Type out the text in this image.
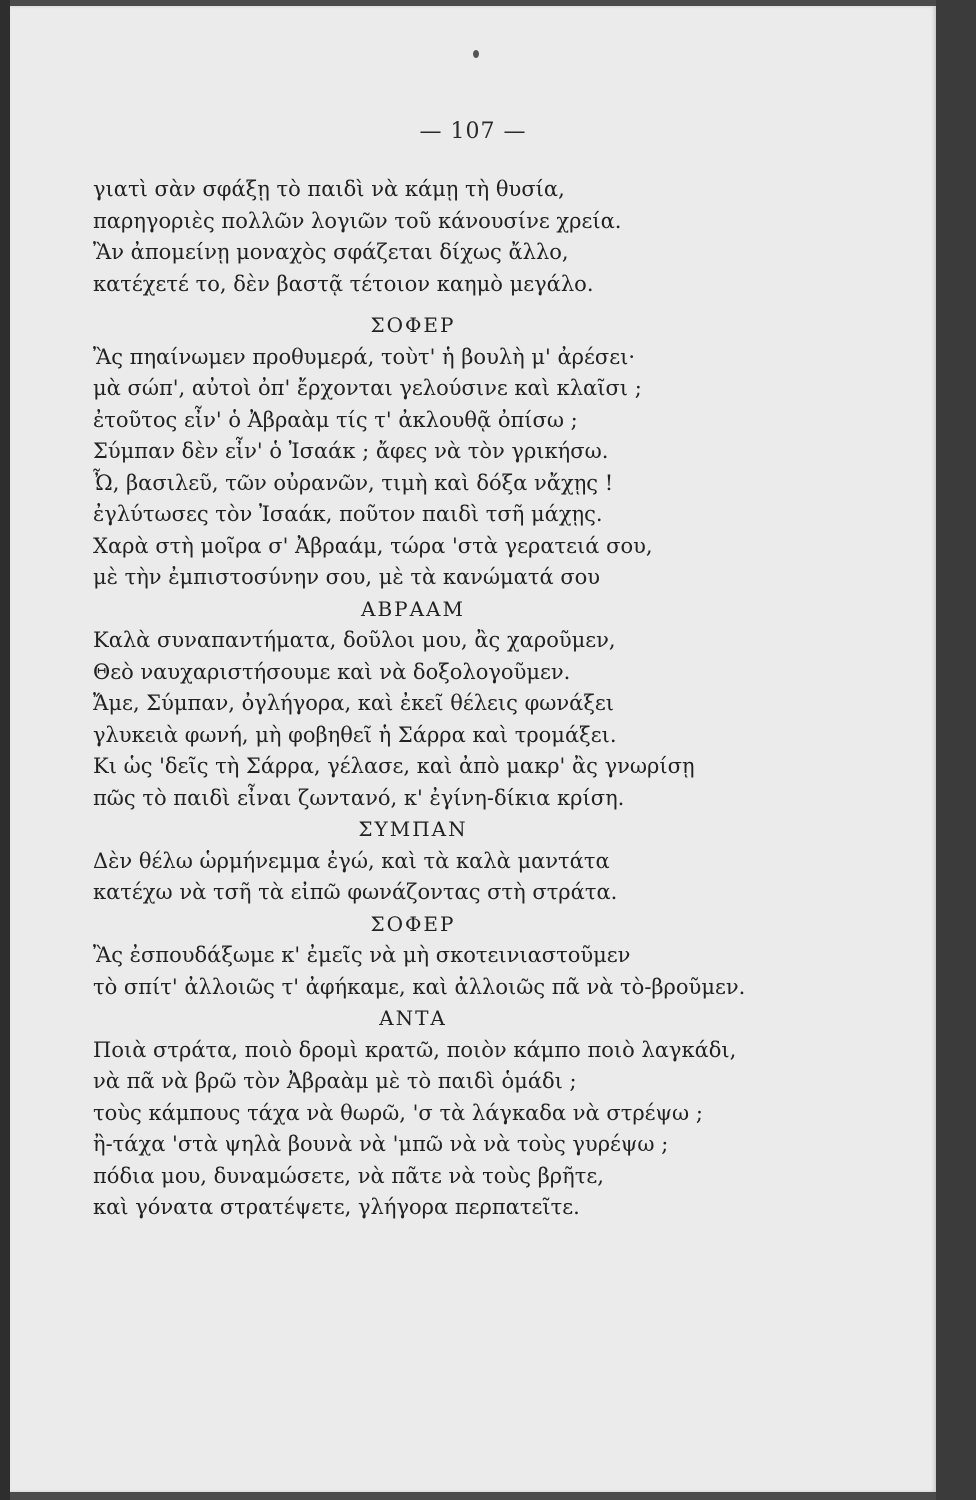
— 107 —
γιατὶ σὰν σφάξῃ τὸ παιδὶ νὰ κάμῃ τὴ θυσία,
παρηγοριὲς πολλῶν λογιῶν τοῦ κάνουσίνε χρεία.
Ἂν ἀπομείνῃ μοναχὸς σφάζεται δίχως ἄλλο,
κατέχετέ το, δὲν βαστᾷ τέτοιον καημὸ μεγάλο.
ΣΟΦΕΡ
Ἂς πηαίνωμεν προθυμερά, τοὺτ' ἡ βουλὴ μ' ἀρέσει·
μὰ σώπ', αὐτοὶ ὀπ' ἔρχονται γελούσινε καὶ κλαῖσι ;
ἐτοῦτος εἶν' ὁ Ἀβραὰμ τίς τ' ἀκλουθᾷ ὀπίσω ;
Σύμπαν δὲν εἶν' ὁ Ἰσαάκ ; ἄφες νὰ τὸν γρικήσω.
Ὦ, βασιλεῦ, τῶν οὐρανῶν, τιμὴ καὶ δόξα νἄχῃς !
ἐγλύτωσες τὸν Ἰσαάκ, ποῦτον παιδὶ τσῆ μάχῃς.
Χαρὰ στὴ μοῖρα σ' Ἀβραάμ, τώρα 'στὰ γερατειά σου,
μὲ τὴν ἐμπιστοσύνην σου, μὲ τὰ κανώματά σου
ΑΒΡΑΑΜ
Καλὰ συναπαντήματα, δοῦλοι μου, ἂς χαροῦμεν,
Θεὸ ναυχαριστήσουμε καὶ νὰ δοξολογοῦμεν.
Ἄμε, Σύμπαν, ὀγλήγορα, καὶ ἐκεῖ θέλεις φωνάξει
γλυκειὰ φωνή, μὴ φοβηθεῖ ἡ Σάρρα καὶ τρομάξει.
Κι ὡς 'δεῖς τὴ Σάρρα, γέλασε, καὶ ἀπὸ μακρ' ἂς γνωρίσῃ
πῶς τὸ παιδὶ εἶναι ζωντανό, κ' ἐγίνη-δίκια κρίση.
ΣΥΜΠΑΝ
Δὲν θέλω ὡρμήνεμμα ἐγώ, καὶ τὰ καλὰ μαντάτα
κατέχω νὰ τσῆ τὰ εἰπῶ φωνάζοντας στὴ στράτα.
ΣΟΦΕΡ
Ἂς ἐσπουδάξωμε κ' ἐμεῖς νὰ μὴ σκοτεινιαστοῦμεν
τὸ σπίτ' ἀλλοιῶς τ' ἀφήκαμε, καὶ ἀλλοιῶς πᾶ νὰ τὸ-βροῦμεν.
ΑΝΤΑ
Ποιὰ στράτα, ποιὸ δρομὶ κρατῶ, ποιὸν κάμπο ποιὸ λαγκάδι,
νὰ πᾶ νὰ βρῶ τὸν Ἀβραὰμ μὲ τὸ παιδὶ ὁμάδι ;
τοὺς κάμπους τάχα νὰ θωρῶ, 'σ τὰ λάγκαδα νὰ στρέψω ;
ἢ-τάχα 'στὰ ψηλὰ βουνὰ νὰ 'μπῶ νὰ νὰ τοὺς γυρέψω ;
πόδια μου, δυναμώσετε, νὰ πᾶτε νὰ τοὺς βρῆτε,
καὶ γόνατα στρατέψετε, γλήγορα περπατεῖτε.
